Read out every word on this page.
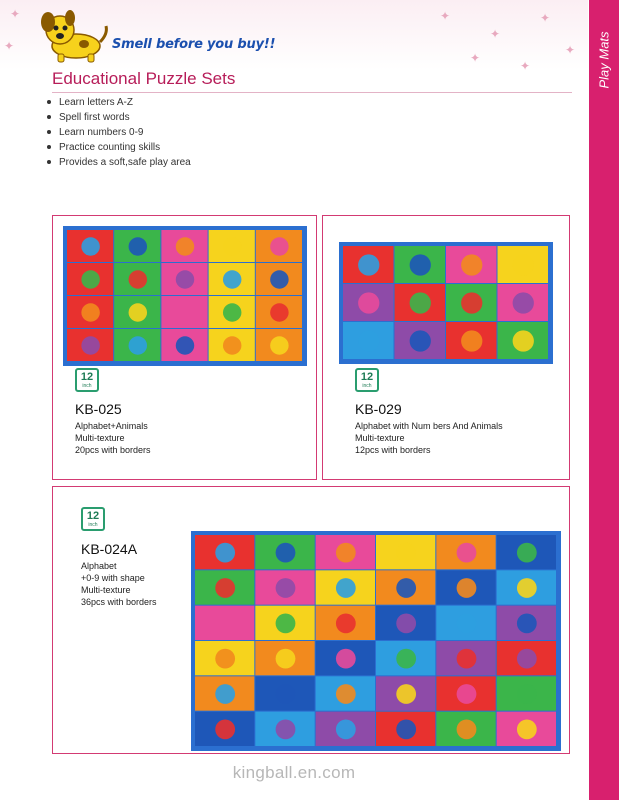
✦
✦
✦
✦
✦
✦
✦
✦
Smell before you buy!!	Play Mats
Educational Puzzle Sets
Learn letters A-Z
Spell first words
Learn numbers 0-9
Practice counting skills
Provides a soft,safe play area
12
inch
KB-025
Alphabet+Animals
Multi-texture
20pcs with borders
12
inch
KB-029
Alphabet with Num bers And Animals
Multi-texture
12pcs with borders
12
inch
KB-024A
Alphabet
+0-9 with shape
Multi-texture
36pcs with borders
kingball.en.com
